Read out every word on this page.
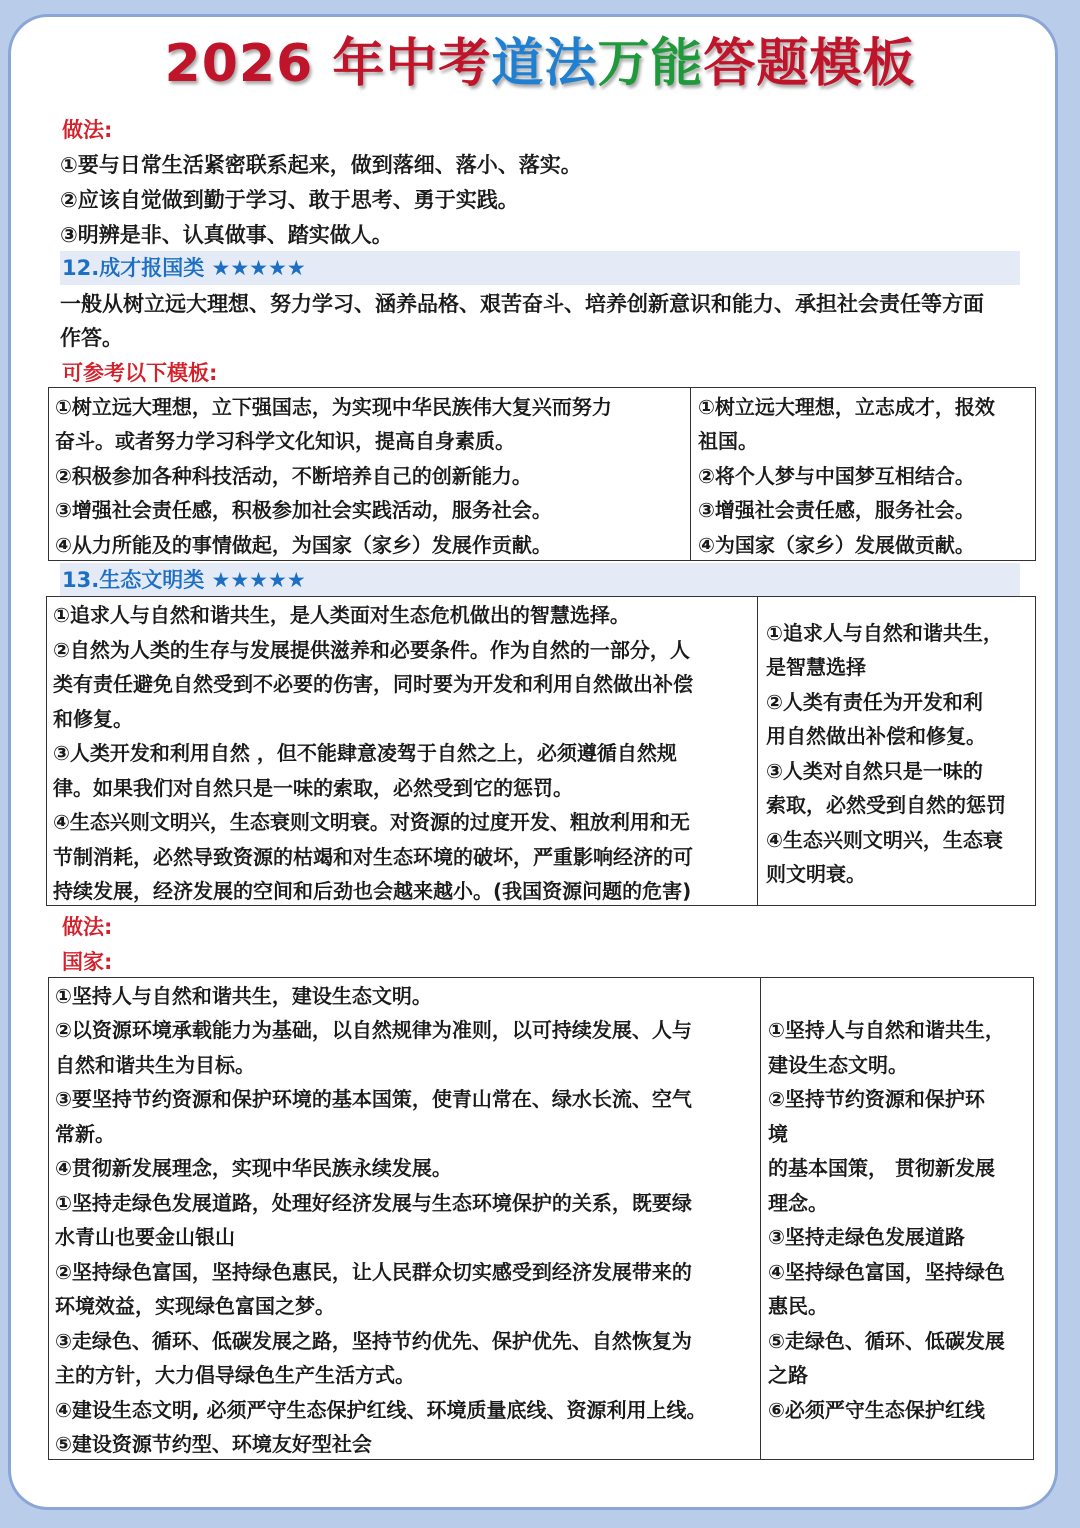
2026 年中考道法万能答题模板
做法:
①要与日常生活紧密联系起来，做到落细、落小、落实。
②应该自觉做到勤于学习、敢于思考、勇于实践。
③明辨是非、认真做事、踏实做人。
12.成才报国类 ★★★★★
一般从树立远大理想、努力学习、涵养品格、艰苦奋斗、培养创新意识和能力、承担社会责任等方面
作答。
可参考以下模板:
①树立远大理想，立下强国志，为实现中华民族伟大复兴而努力
奋斗。或者努力学习科学文化知识，提高自身素质。
②积极参加各种科技活动，不断培养自己的创新能力。
③增强社会责任感，积极参加社会实践活动，服务社会。
④从力所能及的事情做起，为国家（家乡）发展作贡献。
①树立远大理想，立志成才，报效
祖国。
②将个人梦与中国梦互相结合。
③增强社会责任感，服务社会。
④为国家（家乡）发展做贡献。
13.生态文明类 ★★★★★
①追求人与自然和谐共生，是人类面对生态危机做出的智慧选择。
②自然为人类的生存与发展提供滋养和必要条件。作为自然的一部分，人
类有责任避免自然受到不必要的伤害，同时要为开发和利用自然做出补偿
和修复。
③人类开发和利用自然 ，但不能肆意凌驾于自然之上，必须遵循自然规
律。如果我们对自然只是一味的索取，必然受到它的惩罚。
④生态兴则文明兴，生态衰则文明衰。对资源的过度开发、粗放利用和无
节制消耗，必然导致资源的枯竭和对生态环境的破坏，严重影响经济的可
持续发展，经济发展的空间和后劲也会越来越小。(我国资源问题的危害)
①追求人与自然和谐共生，
是智慧选择
②人类有责任为开发和利
用自然做出补偿和修复。
③人类对自然只是一味的
索取，必然受到自然的惩罚
④生态兴则文明兴，生态衰
则文明衰。
做法:
国家:
①坚持人与自然和谐共生，建设生态文明。
②以资源环境承载能力为基础，以自然规律为准则，以可持续发展、人与
自然和谐共生为目标。
③要坚持节约资源和保护环境的基本国策，使青山常在、绿水长流、空气
常新。
④贯彻新发展理念，实现中华民族永续发展。
①坚持走绿色发展道路，处理好经济发展与生态环境保护的关系，既要绿
水青山也要金山银山
②坚持绿色富国，坚持绿色惠民，让人民群众切实感受到经济发展带来的
环境效益，实现绿色富国之梦。
③走绿色、循环、低碳发展之路，坚持节约优先、保护优先、自然恢复为
主的方针，大力倡导绿色生产生活方式。
④建设生态文明, 必须严守生态保护红线、环境质量底线、资源利用上线。
⑤建设资源节约型、环境友好型社会
①坚持人与自然和谐共生，
建设生态文明。
②坚持节约资源和保护环
境
的基本国策， 贯彻新发展
理念。
③坚持走绿色发展道路
④坚持绿色富国，坚持绿色
惠民。
⑤走绿色、循环、低碳发展
之路
⑥必须严守生态保护红线
